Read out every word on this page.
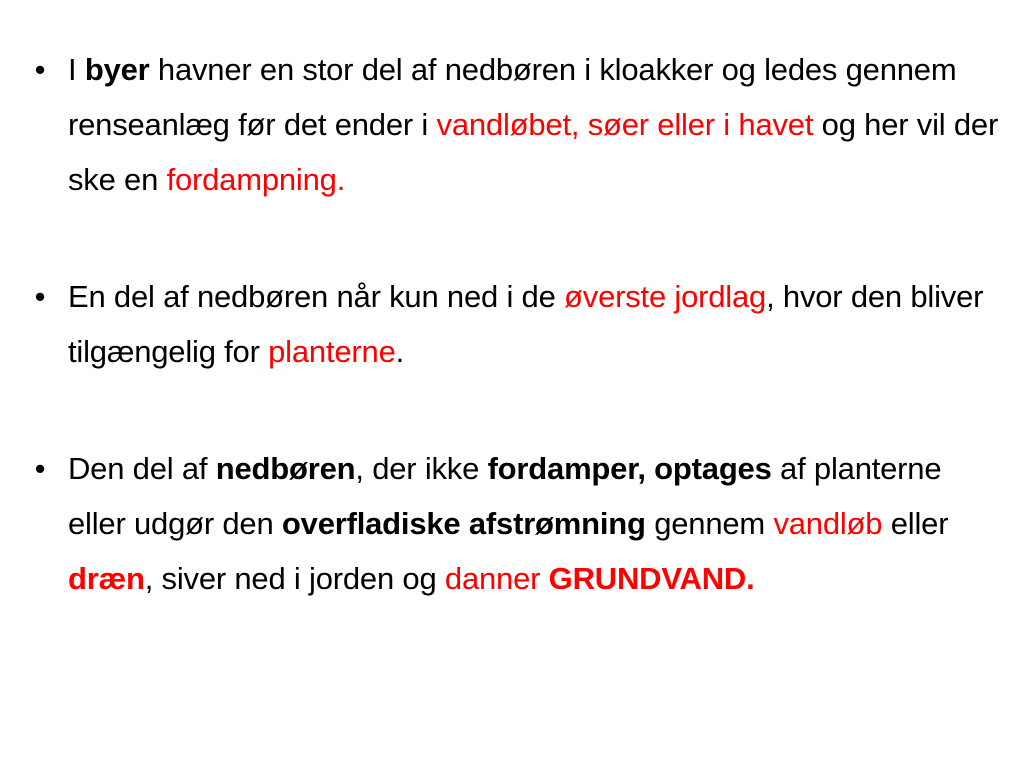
• I byer havner en stor del af nedbøren i kloakker og ledes gennem renseanlæg før det ender i vandløbet, søer eller i havet og her vil der ske en fordampning.
• En del af nedbøren når kun ned i de øverste jordlag, hvor den bliver tilgængelig for planterne.
• Den del af nedbøren, der ikke fordamper, optages af planterne eller udgør den overfladiske afstrømning gennem vandløb eller dræn, siver ned i jorden og danner GRUNDVAND.
